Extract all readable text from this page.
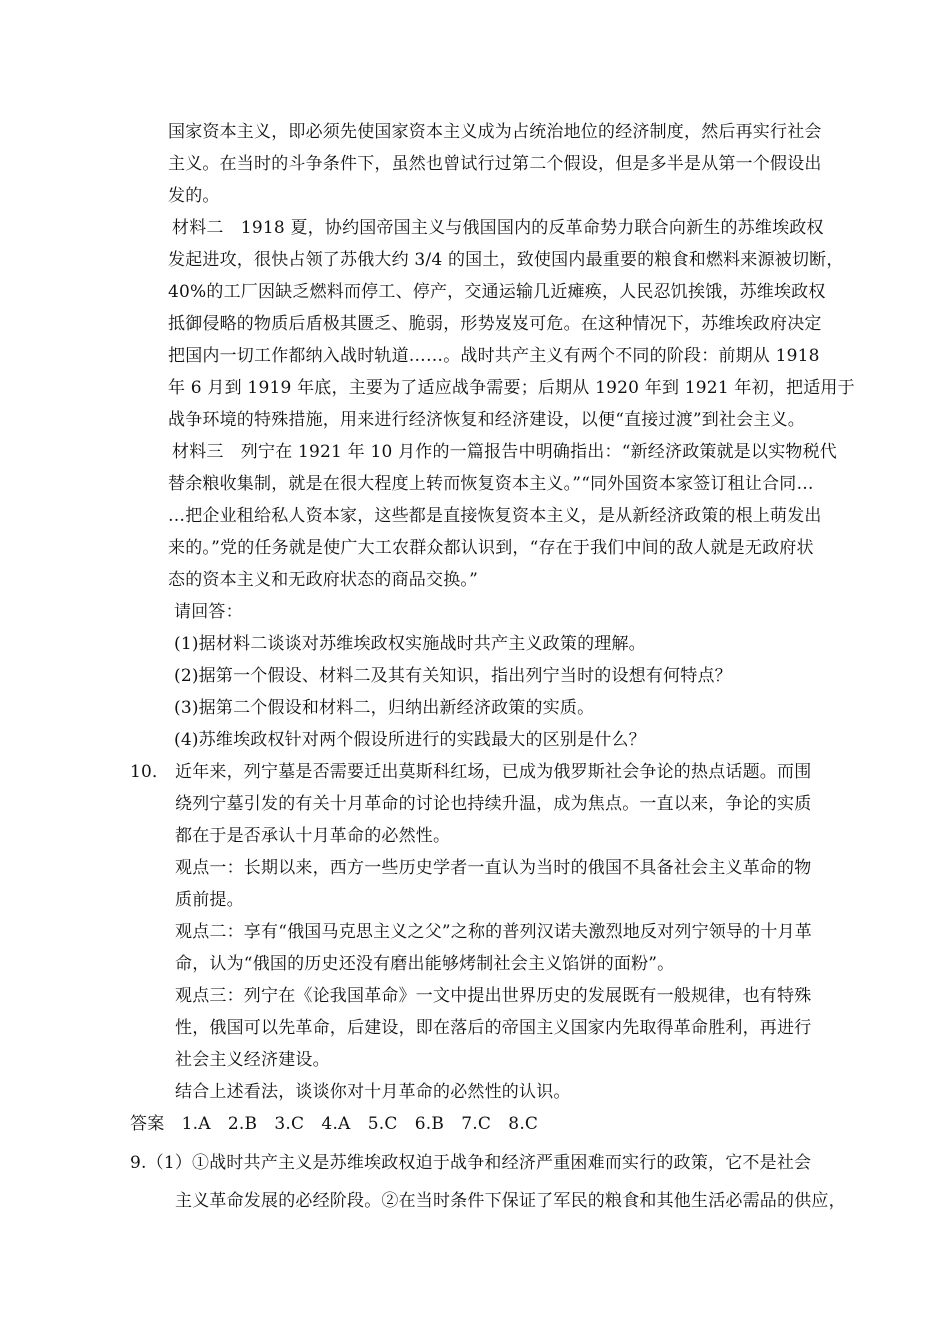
国家资本主义，即必须先使国家资本主义成为占统治地位的经济制度，然后再实行社会
主义。在当时的斗争条件下，虽然也曾试行过第二个假设，但是多半是从第一个假设出
发的。
材料二　1918 夏，协约国帝国主义与俄国国内的反革命势力联合向新生的苏维埃政权
发起进攻，很快占领了苏俄大约 3/4 的国土，致使国内最重要的粮食和燃料来源被切断，
40%的工厂因缺乏燃料而停工、停产，交通运输几近瘫痪，人民忍饥挨饿，苏维埃政权
抵御侵略的物质后盾极其匮乏、脆弱，形势岌岌可危。在这种情况下，苏维埃政府决定
把国内一切工作都纳入战时轨道……。战时共产主义有两个不同的阶段：前期从 1918
年 6 月到 1919 年底，主要为了适应战争需要；后期从 1920 年到 1921 年初，把适用于
战争环境的特殊措施，用来进行经济恢复和经济建设，以便“直接过渡”到社会主义。
材料三　列宁在 1921 年 10 月作的一篇报告中明确指出：“新经济政策就是以实物税代
替余粮收集制，就是在很大程度上转而恢复资本主义。”“同外国资本家签订租让合同…
…把企业租给私人资本家，这些都是直接恢复资本主义，是从新经济政策的根上萌发出
来的。”党的任务就是使广大工农群众都认识到，“存在于我们中间的敌人就是无政府状
态的资本主义和无政府状态的商品交换。”
请回答：
(1)据材料二谈谈对苏维埃政权实施战时共产主义政策的理解。
(2)据第一个假设、材料二及其有关知识，指出列宁当时的设想有何特点？
(3)据第二个假设和材料二，归纳出新经济政策的实质。
(4)苏维埃政权针对两个假设所进行的实践最大的区别是什么？
10． 近年来，列宁墓是否需要迁出莫斯科红场，已成为俄罗斯社会争论的热点话题。而围
绕列宁墓引发的有关十月革命的讨论也持续升温，成为焦点。一直以来，争论的实质
都在于是否承认十月革命的必然性。
观点一：长期以来，西方一些历史学者一直认为当时的俄国不具备社会主义革命的物
质前提。
观点二：享有“俄国马克思主义之父”之称的普列汉诺夫激烈地反对列宁领导的十月革
命，认为“俄国的历史还没有磨出能够烤制社会主义馅饼的面粉”。
观点三：列宁在《论我国革命》一文中提出世界历史的发展既有一般规律，也有特殊
性，俄国可以先革命，后建设，即在落后的帝国主义国家内先取得革命胜利，再进行
社会主义经济建设。
结合上述看法，谈谈你对十月革命的必然性的认识。
答案　1.A　2.B　3.C　4.A　5.C　6.B　7.C　8.C
9.（1）①战时共产主义是苏维埃政权迫于战争和经济严重困难而实行的政策，它不是社会
主义革命发展的必经阶段。②在当时条件下保证了军民的粮食和其他生活必需品的供应，
